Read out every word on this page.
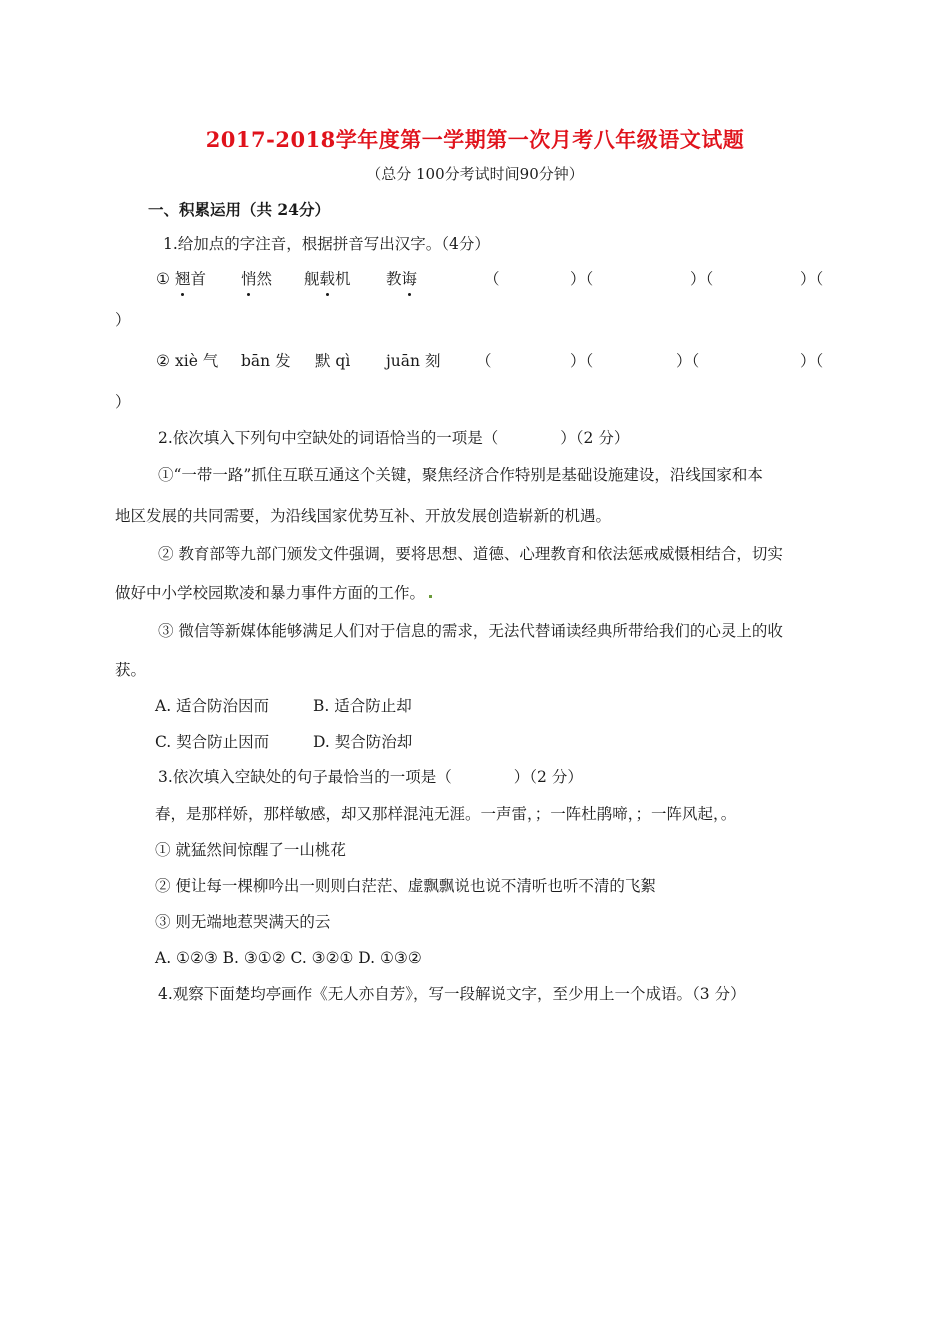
2017-2018学年度第一学期第一次月考八年级语文试题
（总分 100分考试时间90分钟）
一、积累运用（共 24分）
1.给加点的字注音，根据拼音写出汉字。（4分）
① 翘首 悄然 舰载机 教诲	（	）（	）（	）（
）
② xiè 气 bān 发 默 qì juān 刻 （	）（	）（	）（
）
2.依次填入下列句中空缺处的词语恰当的一项是（　　　　）（2 分）
①“一带一路”抓住互联互通这个关键，聚焦经济合作特别是基础设施建设，沿线国家和本
地区发展的共同需要，为沿线国家优势互补、开放发展创造崭新的机遇。
② 教育部等九部门颁发文件强调，要将思想、道德、心理教育和依法惩戒威慑相结合，切实
做好中小学校园欺凌和暴力事件方面的工作。
③ 微信等新媒体能够满足人们对于信息的需求，无法代替诵读经典所带给我们的心灵上的收
获。
A. 适合防治因而	B. 适合防止却
C. 契合防止因而	D. 契合防治却
3.依次填入空缺处的句子最恰当的一项是（　　　　）（2 分）
春，是那样娇，那样敏感，却又那样混沌无涯。一声雷，；一阵杜鹃啼，；一阵风起，。
① 就猛然间惊醒了一山桃花
② 便让每一棵柳吟出一则则白茫茫、虚飘飘说也说不清听也听不清的飞絮
③ 则无端地惹哭满天的云
A. ①②③ B. ③①② C. ③②① D. ①③②
4.观察下面楚均亭画作《无人亦自芳》，写一段解说文字，至少用上一个成语。（3 分）
